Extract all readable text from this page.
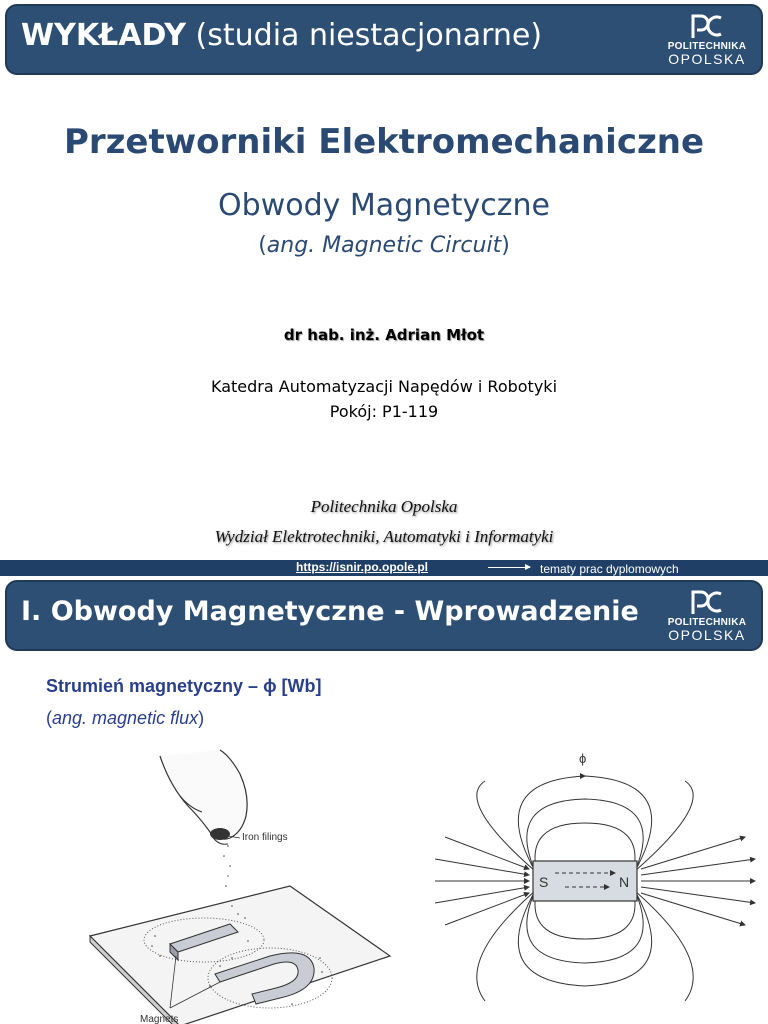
WYKŁADY (studia niestacjonarne)	POLITECHNIKA
OPOLSKA
Przetworniki Elektromechaniczne
Obwody Magnetyczne
(ang. Magnetic Circuit)
dr hab. inż. Adrian Młot
Katedra Automatyzacji Napędów i Robotyki
Pokój: P1-119
Politechnika Opolska
Wydział Elektrotechniki, Automatyki i Informatyki
https://isnir.po.opole.pl	tematy prac dyplomowych
I. Obwody Magnetyczne - Wprowadzenie	POLITECHNIKA
OPOLSKA
Strumień magnetyczny – ϕ [Wb]
(ang. magnetic flux)
Iron filings
Magnets
ϕ
S	N
